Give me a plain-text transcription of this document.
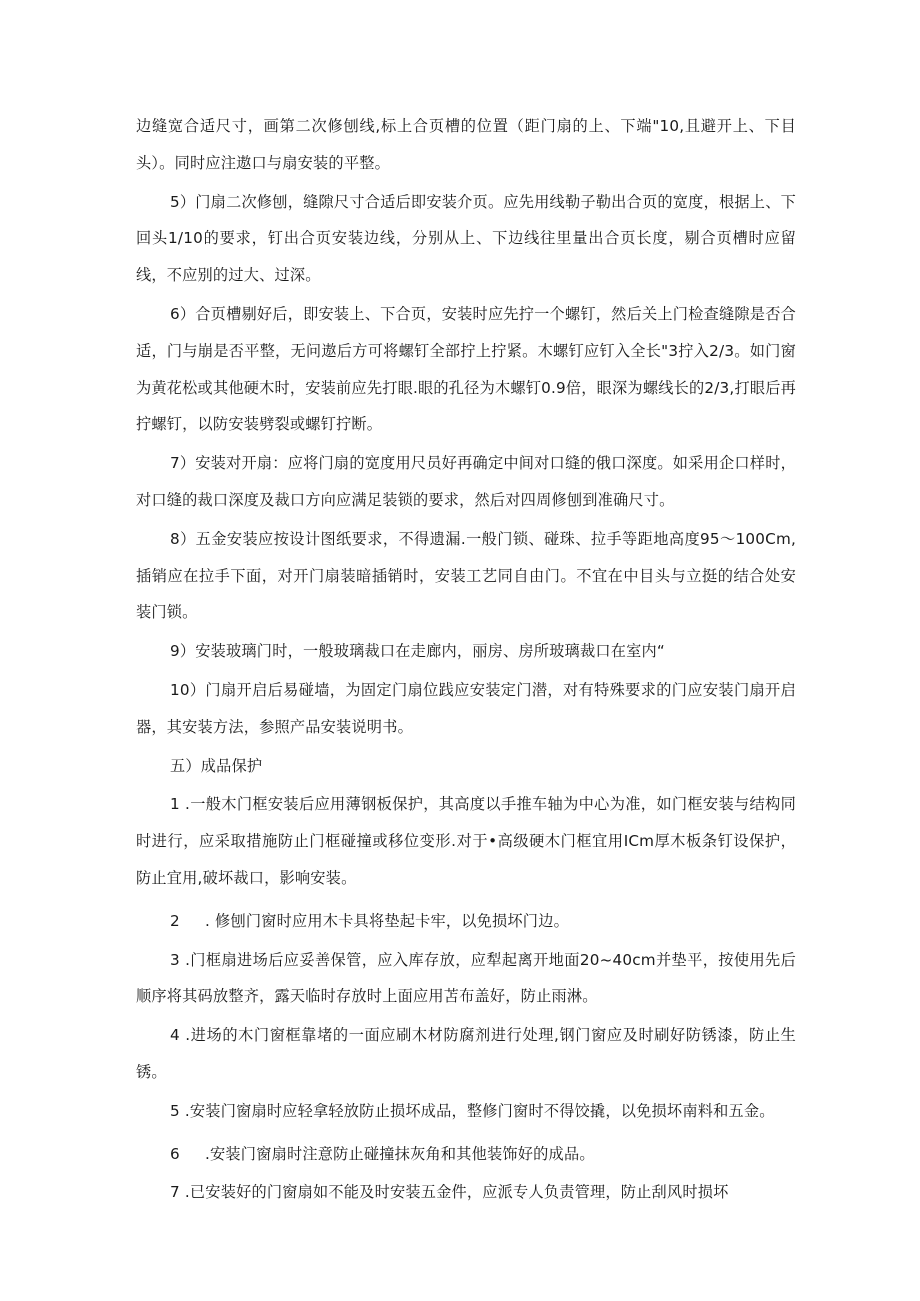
边缝宽合适尺寸，画第二次修刨线,标上合页槽的位置（距门扇的上、下端"10,且避开上、下目头）。同时应注遨口与扇安装的平整。

5）门扇二次修刨，缝隙尺寸合适后即安装介页。应先用线勒子勒出合页的宽度，根据上、下回头1/10的要求，钉出合页安装边线，分别从上、下边线往里量出合页长度，剔合页槽时应留线，不应别的过大、过深。

6）合页槽剔好后，即安装上、下合页，安装时应先拧一个螺钉，然后关上门检查缝隙是否合适，门与崩是否平整，无问遨后方可将螺钉全部拧上拧紧。木螺钉应钉入全长"3拧入2/3。如门窗为黄花松或其他硬木时，安装前应先打眼.眼的孔径为木螺钉0.9倍，眼深为螺线长的2/3,打眼后再拧螺钉，以防安装劈裂或螺钉拧断。

7）安装对开扇：应将门扇的宽度用尺员好再确定中间对口缝的俄口深度。如采用企口样时，对口缝的裁口深度及裁口方向应满足装锁的要求，然后对四周修刨到准确尺寸。

8）五金安装应按设计图纸要求，不得遗漏.一般门锁、碰珠、拉手等距地高度95〜100Cm,插销应在拉手下面，对开门扇装暗插销时，安装工艺同自由门。不宜在中目头与立挺的结合处安装门锁。

9）安装玻璃门时，一般玻璃裁口在走廊内，丽房、房所玻璃裁口在室内“

10）门扇开启后易碰墙，为固定门扇位践应安装定门潜，对有特殊要求的门应安装门扇开启器，其安装方法，参照产品安装说明书。

五）成品保护

1 .一般木门框安装后应用薄钢板保护，其高度以手推车轴为中心为准，如门框安装与结构同时进行，应采取措施防止门框碰撞或移位变形.对于•高级硬木门框宜用ICm厚木板条钉设保护，防止宜用,破坏裁口，影响安装。

2     . 修刨门窗时应用木卡具将垫起卡牢，以免损坏门边。

3 .门框扇进场后应妥善保管，应入库存放，应犁起离开地面20~40cm并垫平，按使用先后顺序将其码放整齐，露天临时存放时上面应用苫布盖好，防止雨淋。

4 .进场的木门窗框靠堵的一面应刷木材防腐剂进行处理,钢门窗应及时刷好防锈漆，防止生锈。

5 .安装门窗扇时应轻拿轻放防止损坏成品，整修门窗时不得饺撬，以免损坏南料和五金。

6     .安装门窗扇时注意防止碰撞抹灰角和其他装饰好的成品。

7 .已安装好的门窗扇如不能及时安装五金件，应派专人负责管理，防止刮风时损坏
